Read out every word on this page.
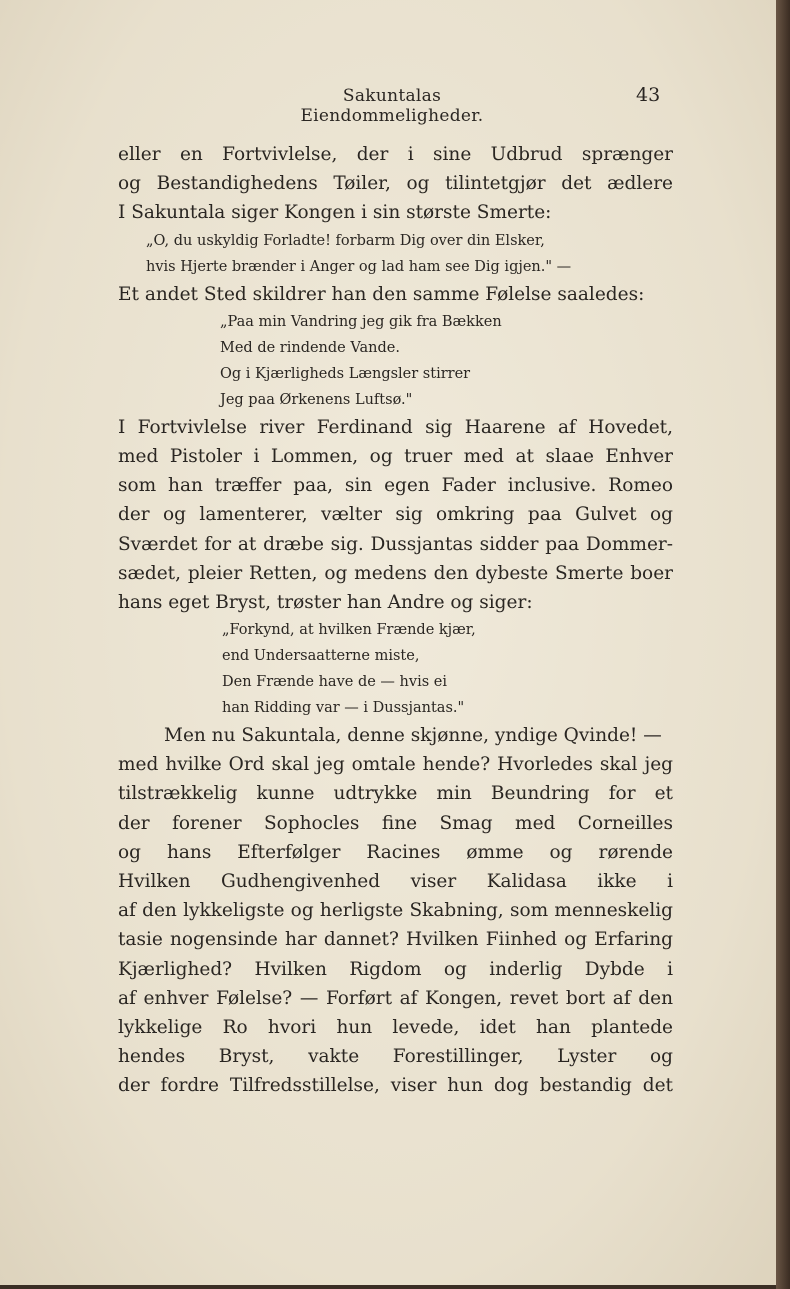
Sakuntalas Eiendommeligheder.
43
eller en Fortvivlelse, der i sine Udbrud sprænger
og Bestandighedens Tøiler, og tilintetgjør det ædlere
I Sakuntala siger Kongen i sin største Smerte:
„O, du uskyldig Forladte! forbarm Dig over din Elsker,
hvis Hjerte brænder i Anger og lad ham see Dig igjen." —
Et andet Sted skildrer han den samme Følelse saaledes:
„Paa min Vandring jeg gik fra Bækken
Med de rindende Vande.
Og i Kjærligheds Længsler stirrer
Jeg paa Ørkenens Luftsø."
I Fortvivlelse river Ferdinand sig Haarene af Hovedet,
med Pistoler i Lommen, og truer med at slaae Enhver
som han træffer paa, sin egen Fader inclusive. Romeo
der og lamenterer, vælter sig omkring paa Gulvet og
Sværdet for at dræbe sig. Dussjantas sidder paa Dommer-
sædet, pleier Retten, og medens den dybeste Smerte boer
hans eget Bryst, trøster han Andre og siger:
„Forkynd, at hvilken Frænde kjær,
end Undersaatterne miste,
Den Frænde have de — hvis ei
han Ridding var — i Dussjantas."
Men nu Sakuntala, denne skjønne, yndige Qvinde! —
med hvilke Ord skal jeg omtale hende? Hvorledes skal jeg
tilstrækkelig kunne udtrykke min Beundring for et
der forener Sophocles fine Smag med Corneilles
og hans Efterfølger Racines ømme og rørende
Hvilken Gudhengivenhed viser Kalidasa ikke i
af den lykkeligste og herligste Skabning, som menneskelig
tasie nogensinde har dannet? Hvilken Fiinhed og Erfaring
Kjærlighed? Hvilken Rigdom og inderlig Dybde i
af enhver Følelse? — Forført af Kongen, revet bort af den
lykkelige Ro hvori hun levede, idet han plantede
hendes Bryst, vakte Forestillinger, Lyster og
der fordre Tilfredsstillelse, viser hun dog bestandig det
